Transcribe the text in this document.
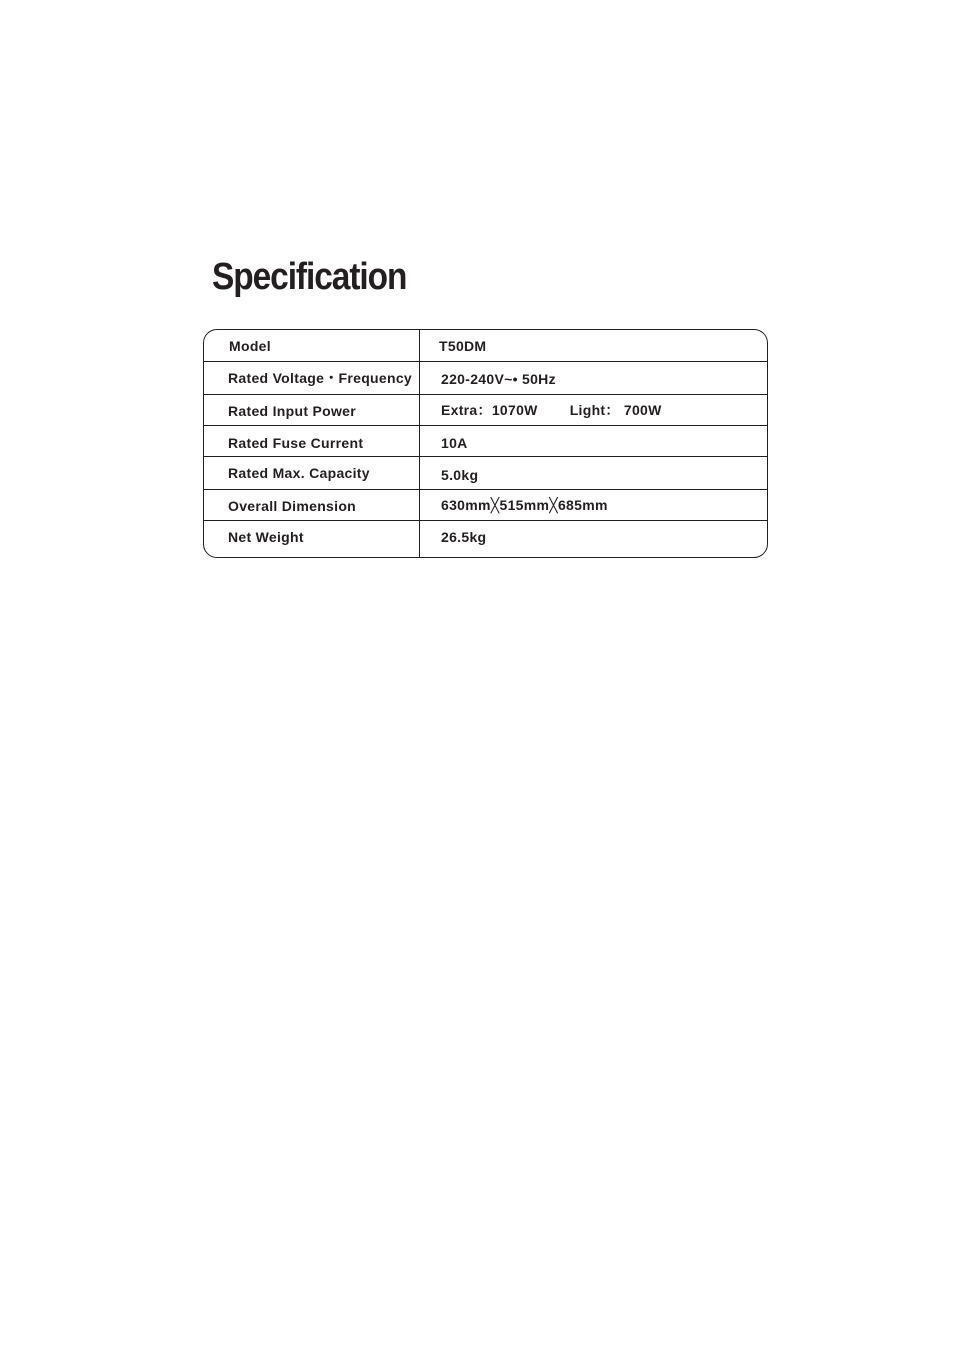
Specification
Model	T50DM
Rated Voltage・Frequency	220-240V~• 50Hz
Rated Input Power	Extra：1070W Light： 700W
Rated Fuse Current	10A
Rated Max. Capacity	5.0kg
Overall Dimension	630mm╳515mm╳685mm
Net Weight	26.5kg
